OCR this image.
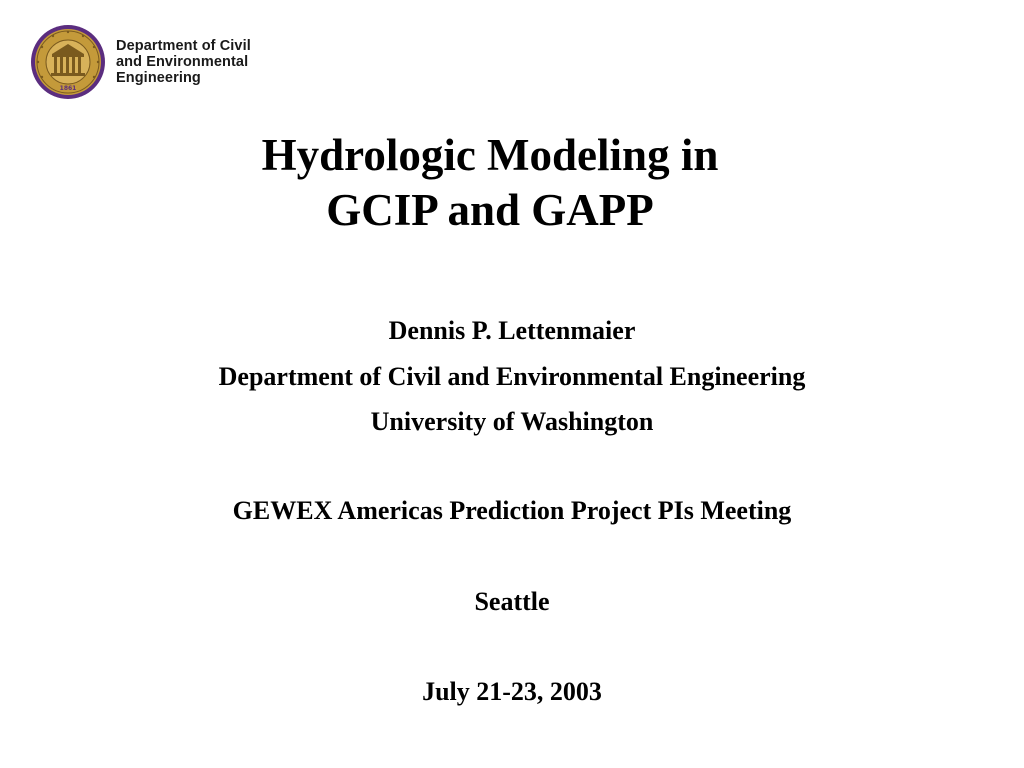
1861
Department of Civil
and Environmental
Engineering
Hydrologic Modeling in
GCIP and GAPP
Dennis P. Lettenmaier
Department of Civil and Environmental Engineering
University of Washington
GEWEX Americas Prediction Project PIs Meeting
Seattle
July 21-23, 2003
